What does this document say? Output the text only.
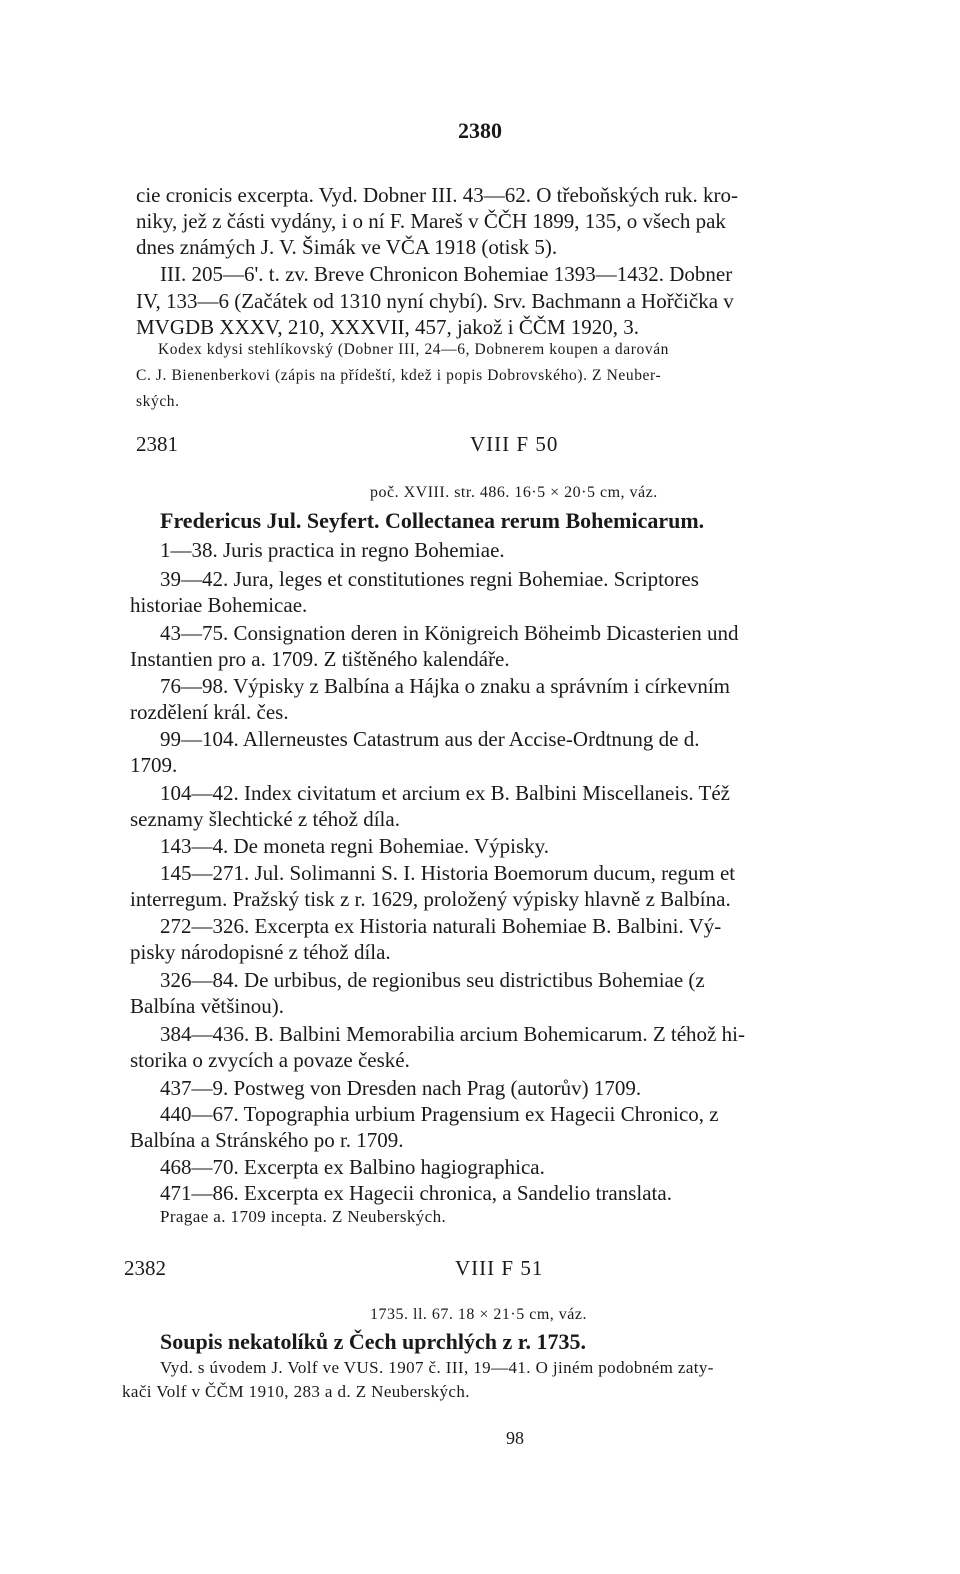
2380
cie cronicis excerpta. Vyd. Dobner III. 43—62. O třeboňských ruk. kro-
niky, jež z části vydány, i o ní F. Mareš v ČČH 1899, 135, o všech pak
dnes známých J. V. Šimák ve VČA 1918 (otisk 5).
III. 205—6'. t. zv. Breve Chronicon Bohemiae 1393—1432. Dobner
IV, 133—6 (Začátek od 1310 nyní chybí). Srv. Bachmann a Hořčička v
MVGDB XXXV, 210, XXXVII, 457, jakož i ČČM 1920, 3.
Kodex kdysi stehlíkovský (Dobner III, 24—6, Dobnerem koupen a darován
C. J. Bienenberkovi (zápis na přídeští, kdež i popis Dobrovského). Z Neuber-
ských.
2381	VIII F 50
poč. XVIII. str. 486. 16·5 × 20·5 cm, váz.
Fredericus Jul. Seyfert. Collectanea rerum Bohemicarum.
1—38. Juris practica in regno Bohemiae.
39—42. Jura, leges et constitutiones regni Bohemiae. Scriptores
historiae Bohemicae.
43—75. Consignation deren in Königreich Böheimb Dicasterien und
Instantien pro a. 1709. Z tištěného kalendáře.
76—98. Výpisky z Balbína a Hájka o znaku a správním i církevním
rozdělení král. čes.
99—104. Allerneustes Catastrum aus der Accise-Ordtnung de d.
1709.
104—42. Index civitatum et arcium ex B. Balbini Miscellaneis. Též
seznamy šlechtické z téhož díla.
143—4. De moneta regni Bohemiae. Výpisky.
145—271. Jul. Solimanni S. I. Historia Boemorum ducum, regum et
interregum. Pražský tisk z r. 1629, proložený výpisky hlavně z Balbína.
272—326. Excerpta ex Historia naturali Bohemiae B. Balbini. Vý-
pisky národopisné z téhož díla.
326—84. De urbibus, de regionibus seu districtibus Bohemiae (z
Balbína většinou).
384—436. B. Balbini Memorabilia arcium Bohemicarum. Z téhož hi-
storika o zvycích a povaze české.
437—9. Postweg von Dresden nach Prag (autorův) 1709.
440—67. Topographia urbium Pragensium ex Hagecii Chronico, z
Balbína a Stránského po r. 1709.
468—70. Excerpta ex Balbino hagiographica.
471—86. Excerpta ex Hagecii chronica, a Sandelio translata.
Pragae a. 1709 incepta. Z Neuberských.
2382	VIII F 51
1735. ll. 67. 18 × 21·5 cm, váz.
Soupis nekatolíků z Čech uprchlých z r. 1735.
Vyd. s úvodem J. Volf ve VUS. 1907 č. III, 19—41. O jiném podobném zaty-
kači Volf v ČČM 1910, 283 a d. Z Neuberských.
98
